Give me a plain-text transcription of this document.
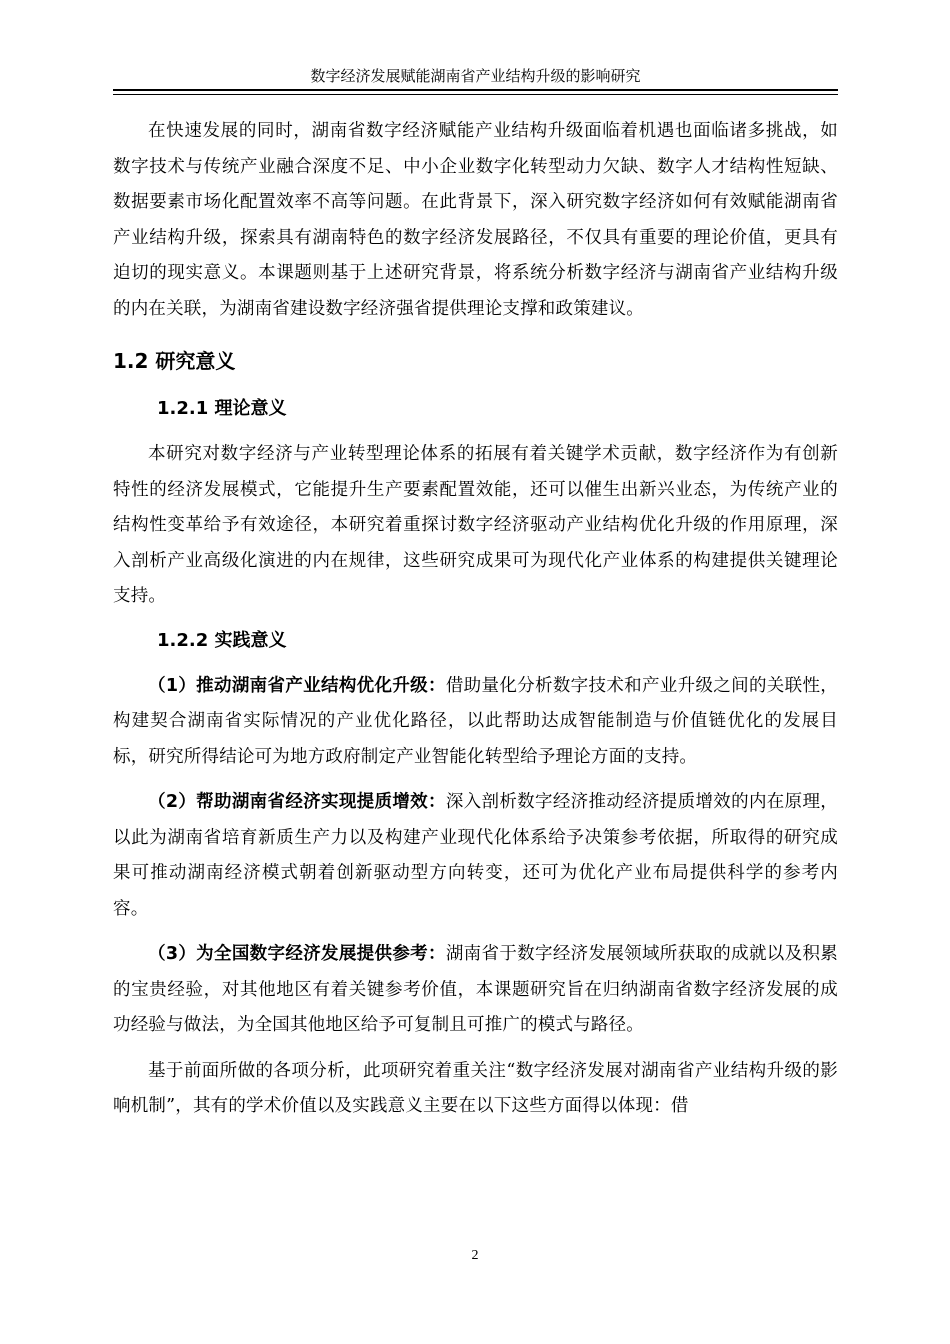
数字经济发展赋能湖南省产业结构升级的影响研究

在快速发展的同时，湖南省数字经济赋能产业结构升级面临着机遇也面临诸多挑战，如数字技术与传统产业融合深度不足、中小企业数字化转型动力欠缺、数字人才结构性短缺、数据要素市场化配置效率不高等问题。在此背景下，深入研究数字经济如何有效赋能湖南省产业结构升级，探索具有湖南特色的数字经济发展路径，不仅具有重要的理论价值，更具有迫切的现实意义。本课题则基于上述研究背景，将系统分析数字经济与湖南省产业结构升级的内在关联，为湖南省建设数字经济强省提供理论支撑和政策建议。

1.2 研究意义
1.2.1 理论意义

本研究对数字经济与产业转型理论体系的拓展有着关键学术贡献，数字经济作为有创新特性的经济发展模式，它能提升生产要素配置效能，还可以催生出新兴业态，为传统产业的结构性变革给予有效途径，本研究着重探讨数字经济驱动产业结构优化升级的作用原理，深入剖析产业高级化演进的内在规律，这些研究成果可为现代化产业体系的构建提供关键理论支持。

1.2.2 实践意义

（1）推动湖南省产业结构优化升级：借助量化分析数字技术和产业升级之间的关联性，构建契合湖南省实际情况的产业优化路径，以此帮助达成智能制造与价值链优化的发展目标，研究所得结论可为地方政府制定产业智能化转型给予理论方面的支持。

（2）帮助湖南省经济实现提质增效：深入剖析数字经济推动经济提质增效的内在原理，以此为湖南省培育新质生产力以及构建产业现代化体系给予决策参考依据，所取得的研究成果可推动湖南经济模式朝着创新驱动型方向转变，还可为优化产业布局提供科学的参考内容。

（3）为全国数字经济发展提供参考：湖南省于数字经济发展领域所获取的成就以及积累的宝贵经验，对其他地区有着关键参考价值，本课题研究旨在归纳湖南省数字经济发展的成功经验与做法，为全国其他地区给予可复制且可推广的模式与路径。

基于前面所做的各项分析，此项研究着重关注“数字经济发展对湖南省产业结构升级的影响机制”，其有的学术价值以及实践意义主要在以下这些方面得以体现：借

2
